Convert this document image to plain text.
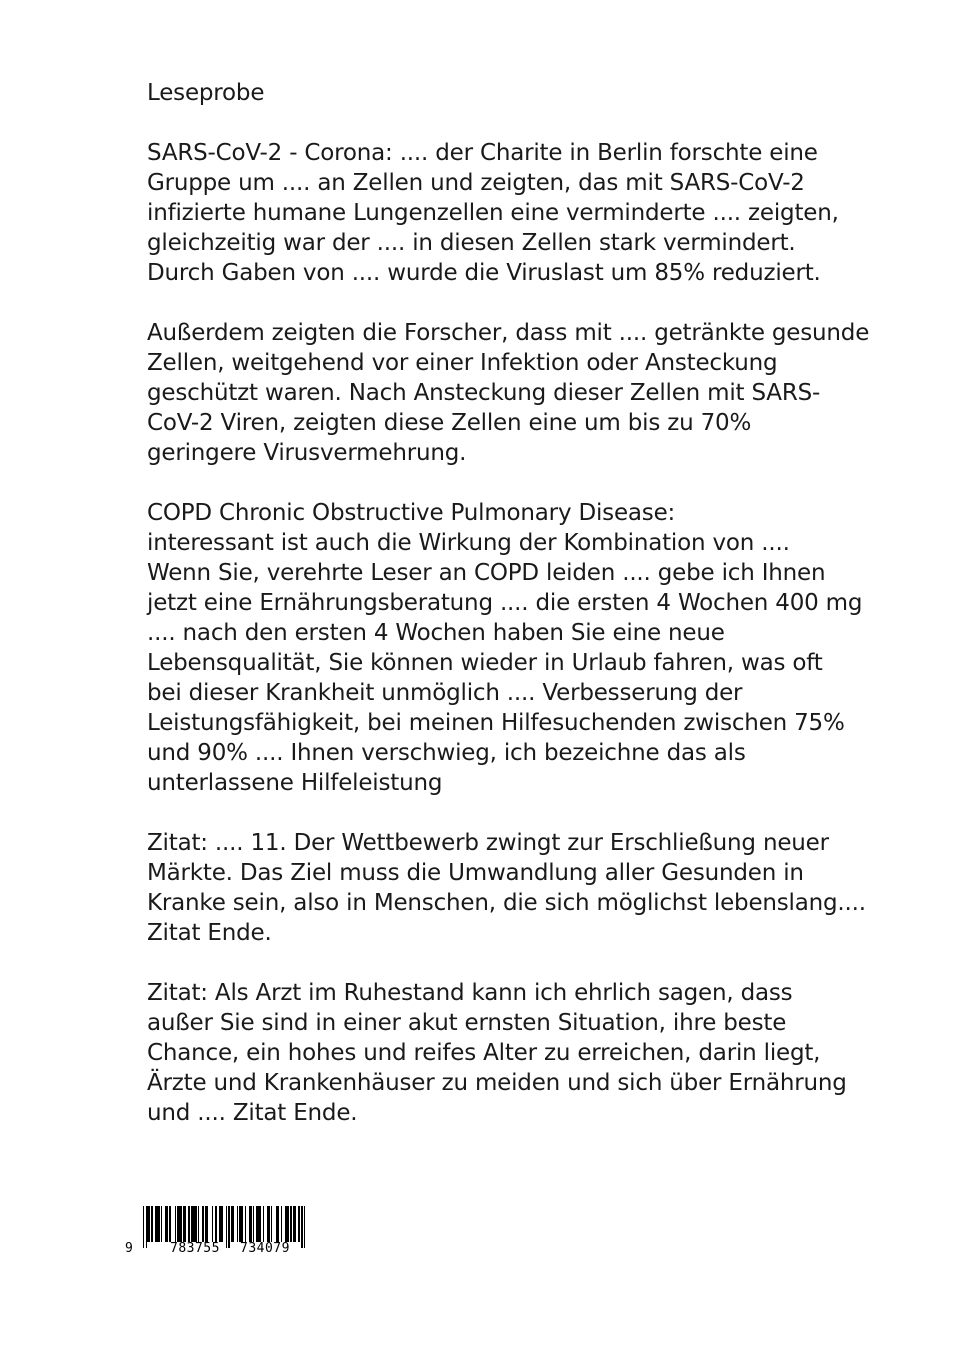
Leseprobe
SARS-CoV-2 - Corona: .... der Charite in Berlin forschte eine
Gruppe um .... an Zellen und zeigten, das mit SARS-CoV-2
infizierte humane Lungenzellen eine verminderte .... zeigten,
gleichzeitig war der .... in diesen Zellen stark vermindert.
Durch Gaben von .... wurde die Viruslast um 85% reduziert.
Außerdem zeigten die Forscher, dass mit .... getränkte gesunde
Zellen, weitgehend vor einer Infektion oder Ansteckung
geschützt waren. Nach Ansteckung dieser Zellen mit SARS-
CoV-2 Viren, zeigten diese Zellen eine um bis zu 70%
geringere Virusvermehrung.
COPD Chronic Obstructive Pulmonary Disease:
interessant ist auch die Wirkung der Kombination von ....
Wenn Sie, verehrte Leser an COPD leiden .... gebe ich Ihnen
jetzt eine Ernährungsberatung .... die ersten 4 Wochen 400 mg
.... nach den ersten 4 Wochen haben Sie eine neue
Lebensqualität, Sie können wieder in Urlaub fahren, was oft
bei dieser Krankheit unmöglich .... Verbesserung der
Leistungsfähigkeit, bei meinen Hilfesuchenden zwischen 75%
und 90% .... Ihnen verschwieg, ich bezeichne das als
unterlassene Hilfeleistung
Zitat: .... 11. Der Wettbewerb zwingt zur Erschließung neuer
Märkte. Das Ziel muss die Umwandlung aller Gesunden in
Kranke sein, also in Menschen, die sich möglichst lebenslang....
Zitat Ende.
Zitat: Als Arzt im Ruhestand kann ich ehrlich sagen, dass
außer Sie sind in einer akut ernsten Situation, ihre beste
Chance, ein hohes und reifes Alter zu erreichen, darin liegt,
Ärzte und Krankenhäuser zu meiden und sich über Ernährung
und .... Zitat Ende.
9	783755 734079
